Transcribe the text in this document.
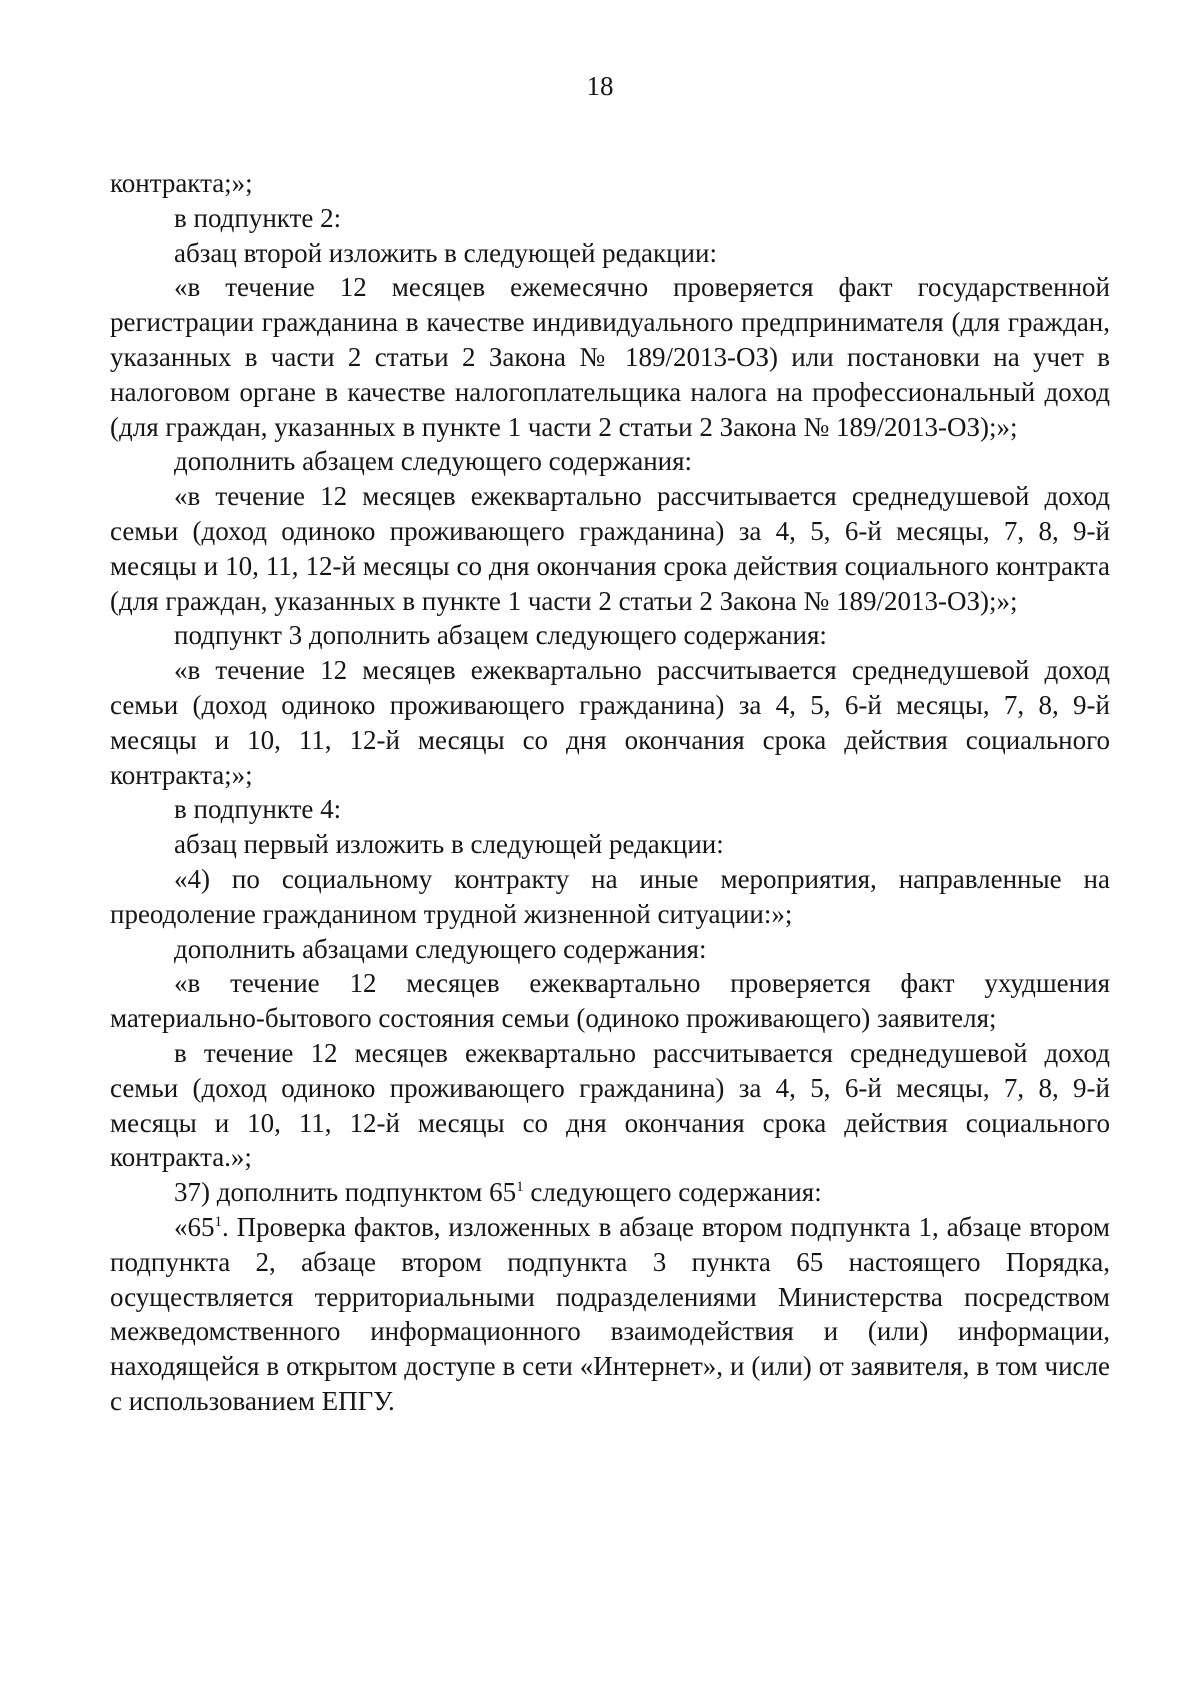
18

контракта;»;

в подпункте 2:

абзац второй изложить в следующей редакции:

«в течение 12 месяцев ежемесячно проверяется факт государственной регистрации гражданина в качестве индивидуального предпринимателя (для граждан, указанных в части 2 статьи 2 Закона № 189/2013-ОЗ) или постановки на учет в налоговом органе в качестве налогоплательщика налога на профессиональный доход (для граждан, указанных в пункте 1 части 2 статьи 2 Закона № 189/2013-ОЗ);»;

дополнить абзацем следующего содержания:

«в течение 12 месяцев ежеквартально рассчитывается среднедушевой доход семьи (доход одиноко проживающего гражданина) за 4, 5, 6-й месяцы, 7, 8, 9-й месяцы и 10, 11, 12-й месяцы со дня окончания срока действия социального контракта (для граждан, указанных в пункте 1 части 2 статьи 2 Закона № 189/2013-ОЗ);»;

подпункт 3 дополнить абзацем следующего содержания:

«в течение 12 месяцев ежеквартально рассчитывается среднедушевой доход семьи (доход одиноко проживающего гражданина) за 4, 5, 6-й месяцы, 7, 8, 9-й месяцы и 10, 11, 12-й месяцы со дня окончания срока действия социального контракта;»;

в подпункте 4:

абзац первый изложить в следующей редакции:

«4) по социальному контракту на иные мероприятия, направленные на преодоление гражданином трудной жизненной ситуации:»;

дополнить абзацами следующего содержания:

«в течение 12 месяцев ежеквартально проверяется факт ухудшения материально-бытового состояния семьи (одиноко проживающего) заявителя;

в течение 12 месяцев ежеквартально рассчитывается среднедушевой доход семьи (доход одиноко проживающего гражданина) за 4, 5, 6-й месяцы, 7, 8, 9-й месяцы и 10, 11, 12-й месяцы со дня окончания срока действия социального контракта.»;

37) дополнить подпунктом $65^1$ следующего содержания:

«$65^1$. Проверка фактов, изложенных в абзаце втором подпункта 1, абзаце втором подпункта 2, абзаце втором подпункта 3 пункта 65 настоящего Порядка, осуществляется территориальными подразделениями Министерства посредством межведомственного информационного взаимодействия и (или) информации, находящейся в открытом доступе в сети «Интернет», и (или) от заявителя, в том числе с использованием ЕПГУ.
